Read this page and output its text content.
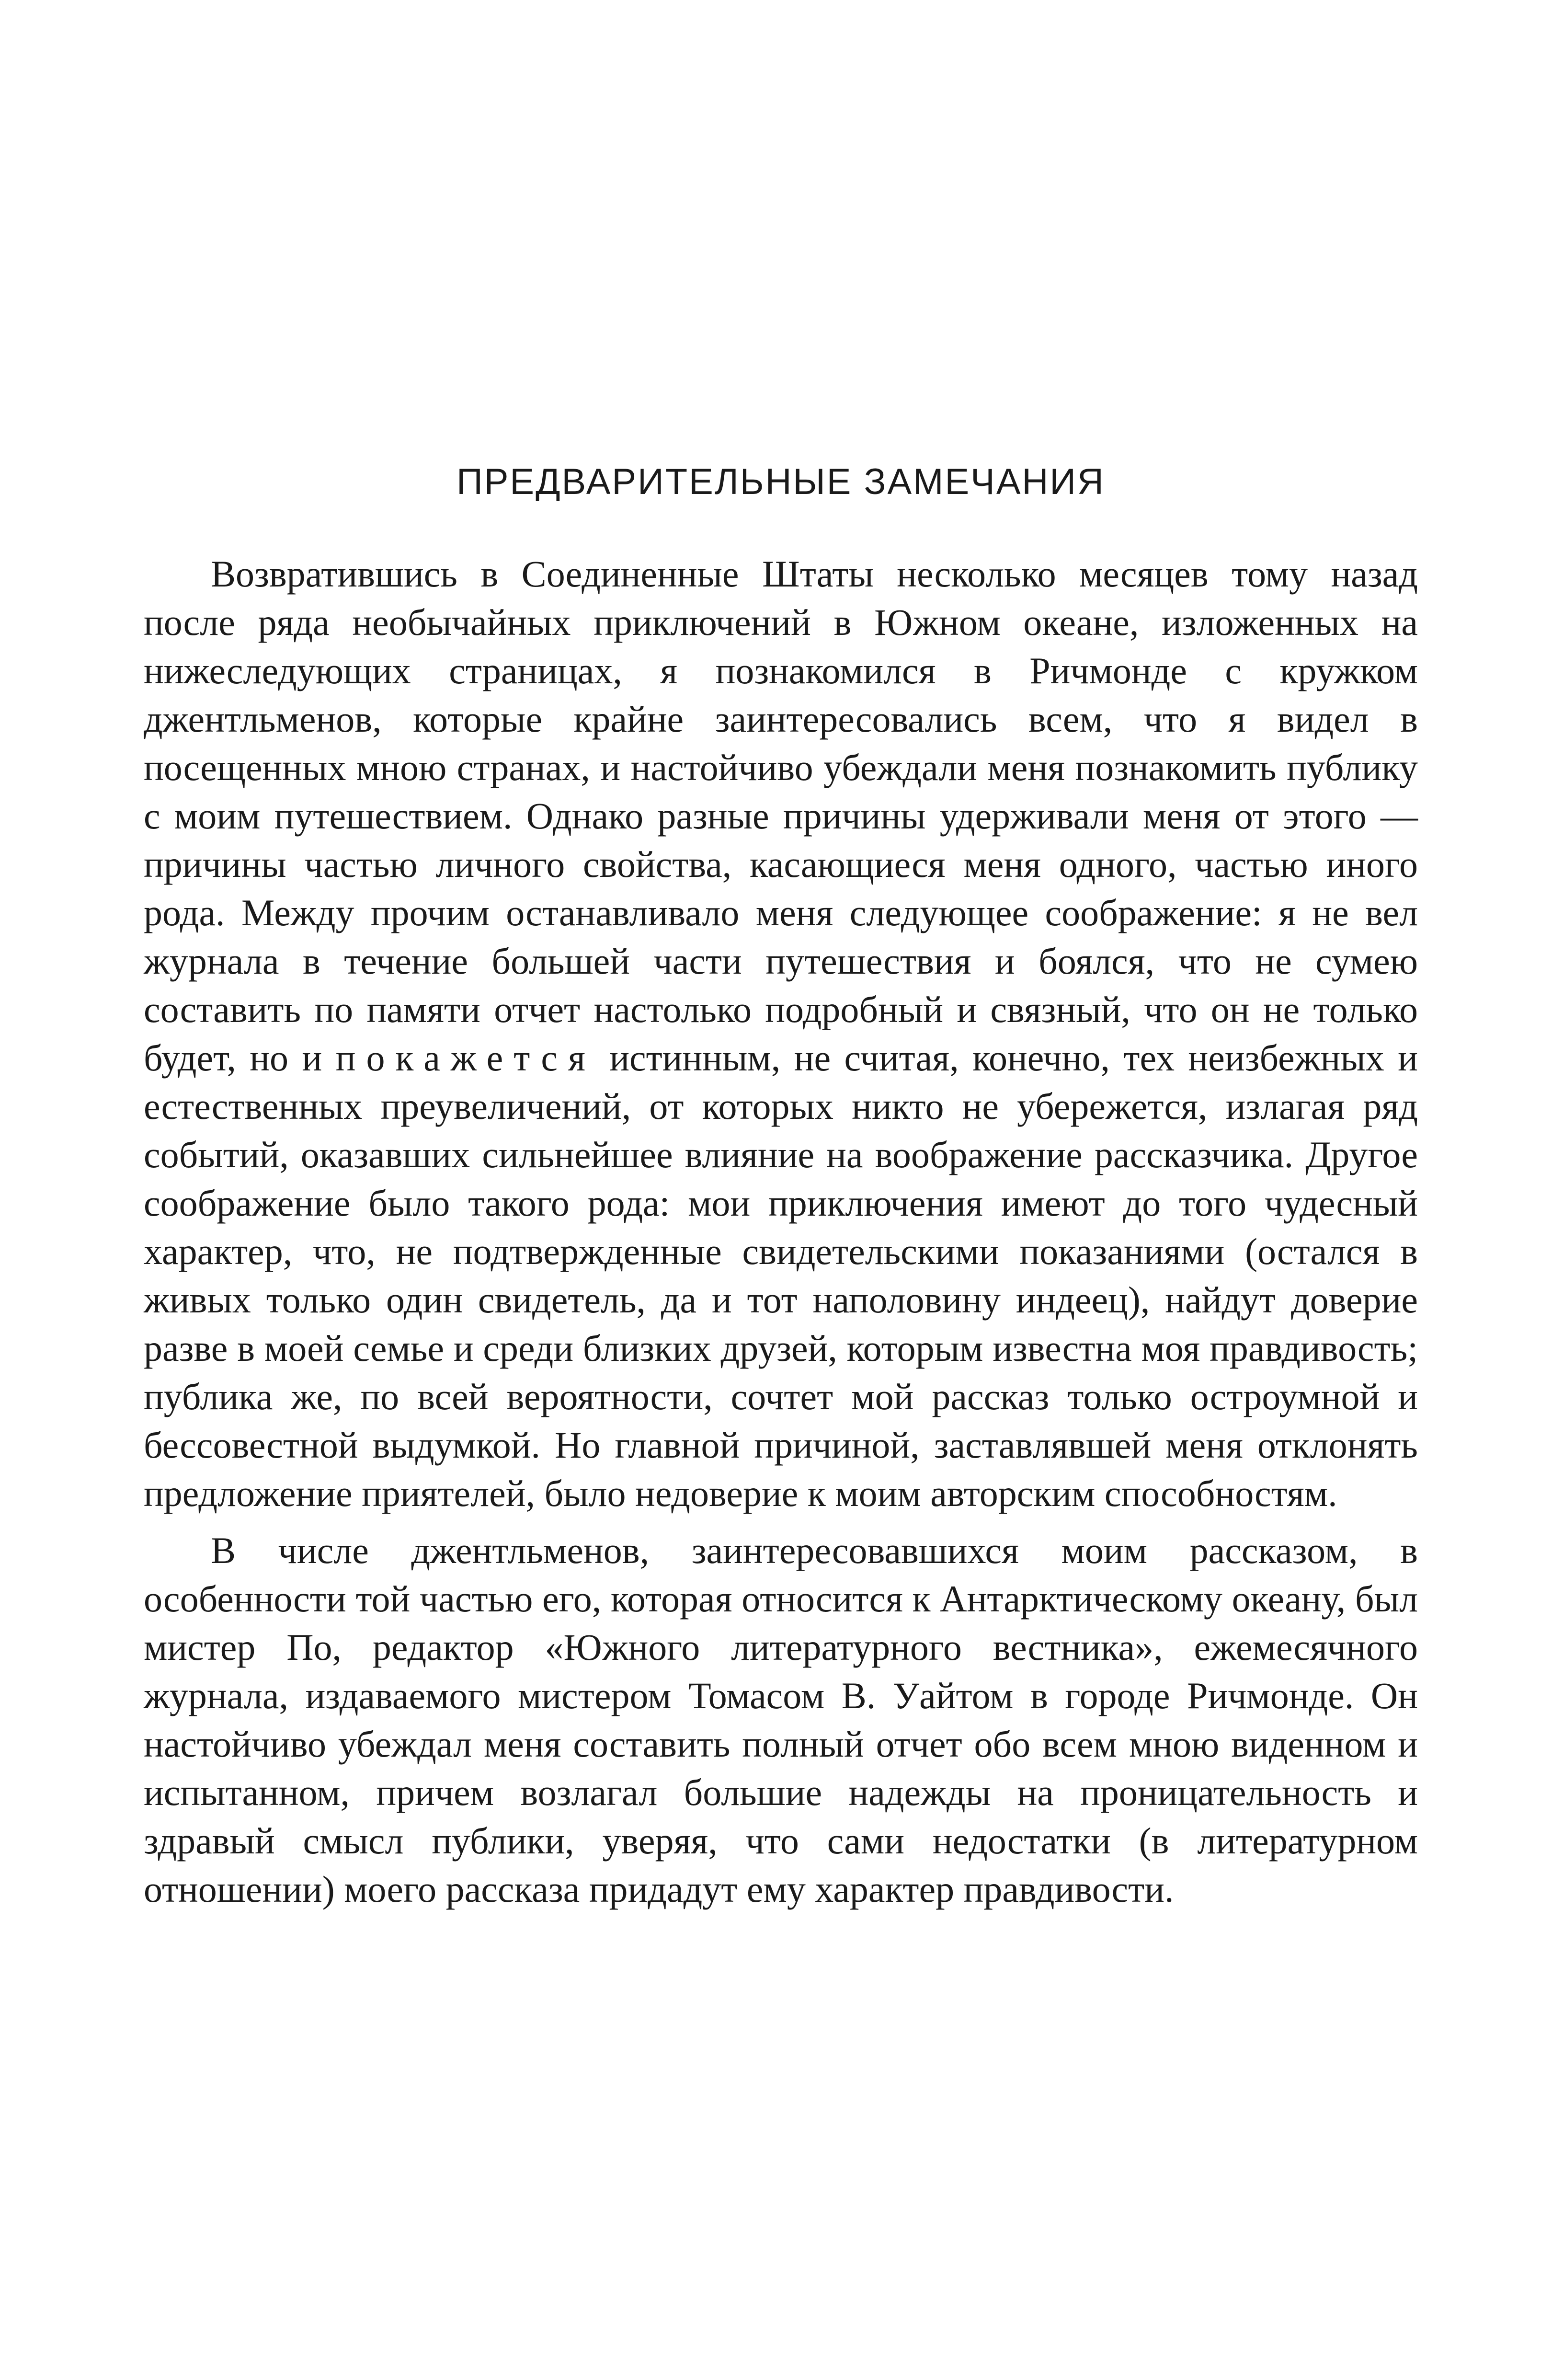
ПРЕДВАРИТЕЛЬНЫЕ ЗАМЕЧАНИЯ

Возвратившись в Соединенные Штаты несколько месяцев тому назад после ряда необычайных приключений в Южном океане, изложенных на нижеследующих страницах, я познакомился в Ричмонде с кружком джентльменов, которые крайне заинтересовались всем, что я видел в посещенных мною странах, и настойчиво убеждали меня познакомить публику с моим путешествием. Однако разные причины удерживали меня от этого — причины частью личного свойства, касающиеся меня одного, частью иного рода. Между прочим останавливало меня следующее соображение: я не вел журнала в течение большей части путешествия и боялся, что не сумею составить по памяти отчет настолько подробный и связный, что он не только будет, но и покажется истинным, не считая, конечно, тех неизбежных и естественных преувеличений, от которых никто не убережется, излагая ряд событий, оказавших сильнейшее влияние на воображение рассказчика. Другое соображение было такого рода: мои приключения имеют до того чудесный характер, что, не подтвержденные свидетельскими показаниями (остался в живых только один свидетель, да и тот наполовину индеец), найдут доверие разве в моей семье и среди близких друзей, которым известна моя правдивость; публика же, по всей вероятности, сочтет мой рассказ только остроумной и бессовестной выдумкой. Но главной причиной, заставлявшей меня отклонять предложение приятелей, было недоверие к моим авторским способностям.

В числе джентльменов, заинтересовавшихся моим рассказом, в особенности той частью его, которая относится к Антарктическому океану, был мистер По, редактор «Южного литературного вестника», ежемесячного журнала, издаваемого мистером Томасом В. Уайтом в городе Ричмонде. Он настойчиво убеждал меня составить полный отчет обо всем мною виденном и испытанном, причем возлагал большие надежды на проницательность и здравый смысл публики, уверяя, что сами недостатки (в литературном отношении) моего рассказа придадут ему характер правдивости.
